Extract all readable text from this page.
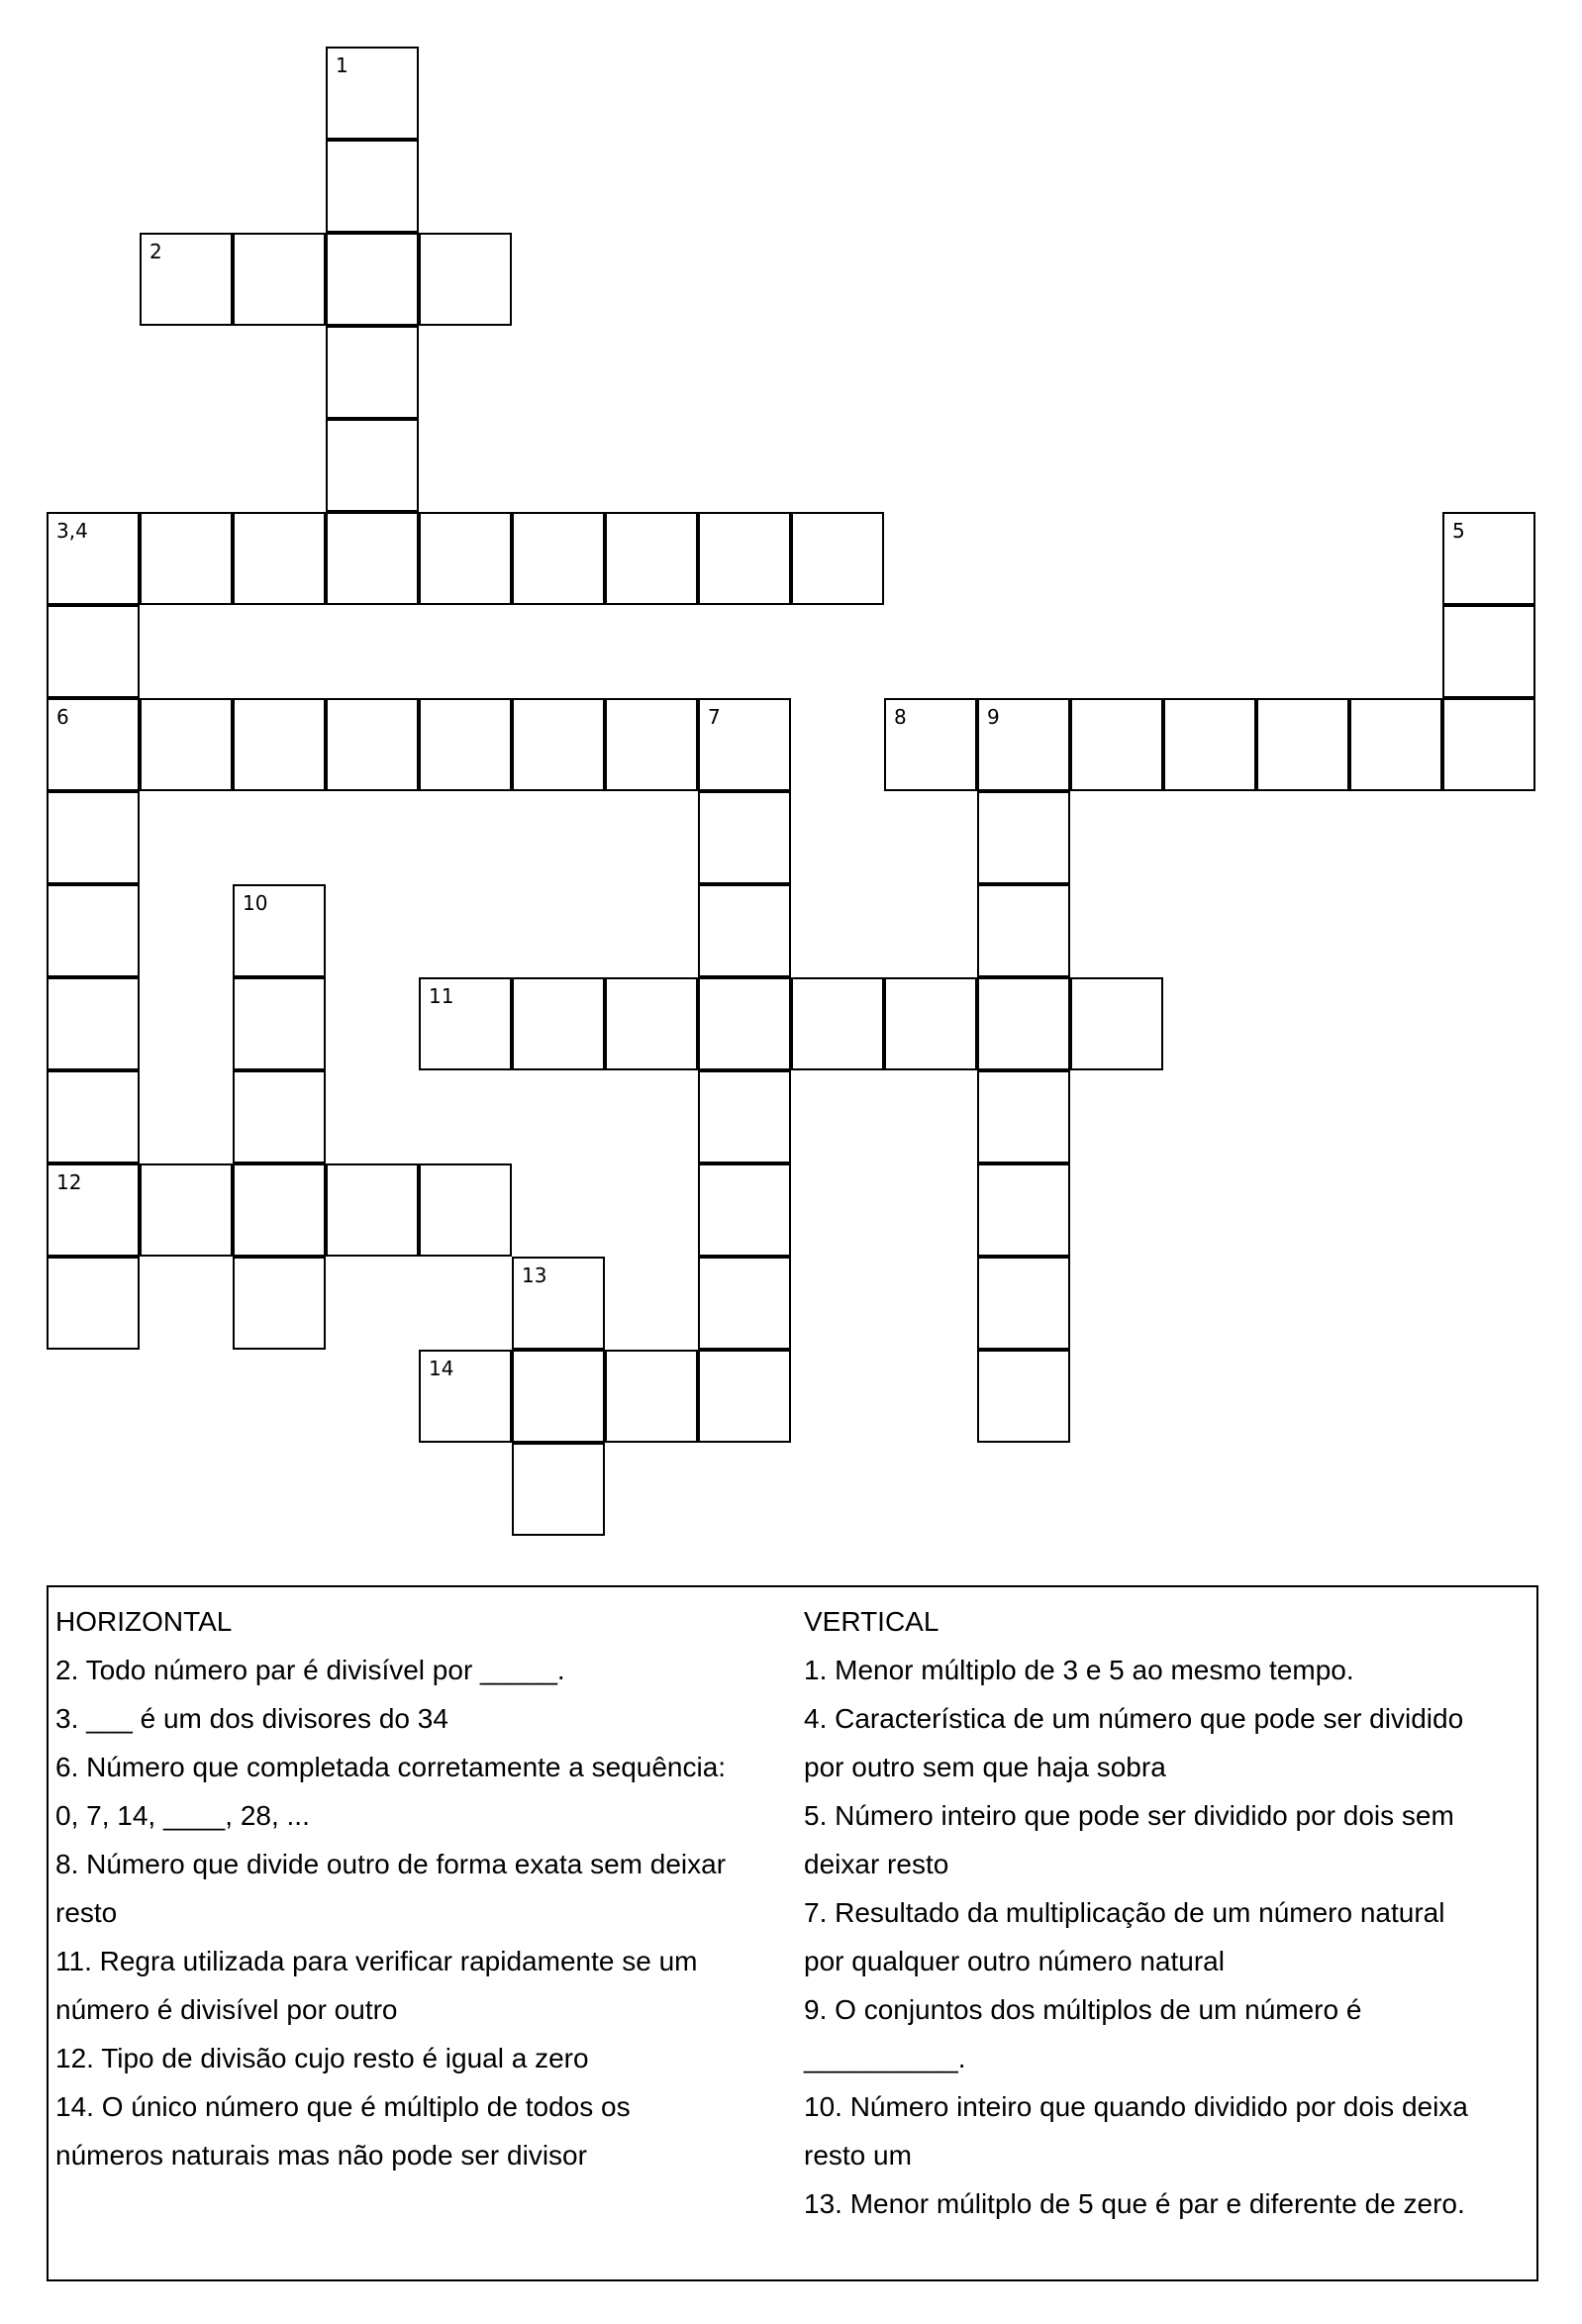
1
2
3,4	5
6	7	8	9
10
11
12
13
14
HORIZONTAL
2. Todo número par é divisível por _____.
3. ___ é um dos divisores do 34
6. Número que completada corretamente a sequência:
0, 7, 14, ____, 28, ...
8. Número que divide outro de forma exata sem deixar
resto
11. Regra utilizada para verificar rapidamente se um
número é divisível por outro
12. Tipo de divisão cujo resto é igual a zero
14. O único número que é múltiplo de todos os
números naturais mas não pode ser divisor
VERTICAL
1. Menor múltiplo de 3 e 5 ao mesmo tempo.
4. Característica de um número que pode ser dividido
por outro sem que haja sobra
5. Número inteiro que pode ser dividido por dois sem
deixar resto
7. Resultado da multiplicação de um número natural
por qualquer outro número natural
9. O conjuntos dos múltiplos de um número é
__________.
10. Número inteiro que quando dividido por dois deixa
resto um
13. Menor múlitplo de 5 que é par e diferente de zero.
